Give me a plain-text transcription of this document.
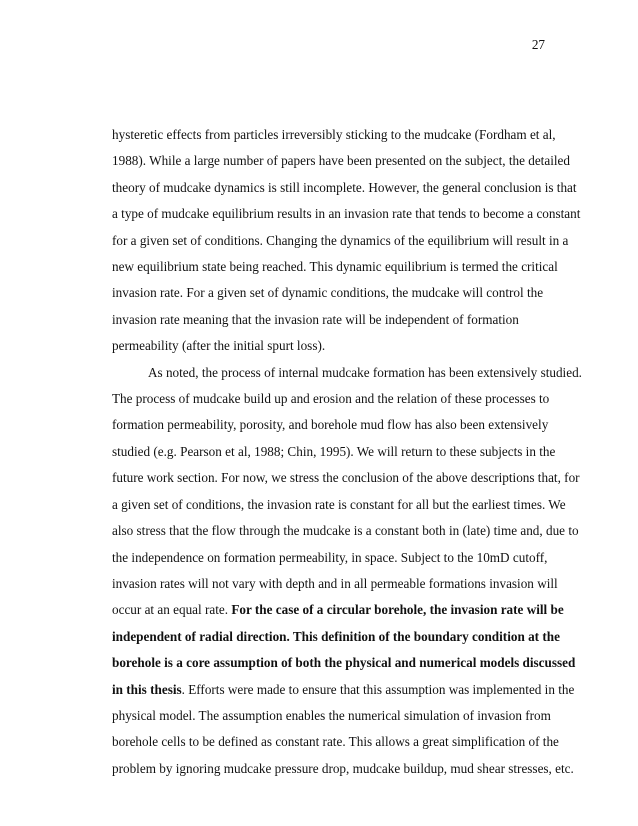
27
hysteretic effects from particles irreversibly sticking to the mudcake (Fordham et al,
1988). While a large number of papers have been presented on the subject, the detailed
theory of mudcake dynamics is still incomplete. However, the general conclusion is that
a type of mudcake equilibrium results in an invasion rate that tends to become a constant
for a given set of conditions. Changing the dynamics of the equilibrium will result in a
new equilibrium state being reached. This dynamic equilibrium is termed the critical
invasion rate. For a given set of dynamic conditions, the mudcake will control the
invasion rate meaning that the invasion rate will be independent of formation
permeability (after the initial spurt loss).
As noted, the process of internal mudcake formation has been extensively studied.
The process of mudcake build up and erosion and the relation of these processes to
formation permeability, porosity, and borehole mud flow has also been extensively
studied (e.g. Pearson et al, 1988; Chin, 1995). We will return to these subjects in the
future work section. For now, we stress the conclusion of the above descriptions that, for
a given set of conditions, the invasion rate is constant for all but the earliest times. We
also stress that the flow through the mudcake is a constant both in (late) time and, due to
the independence on formation permeability, in space. Subject to the 10mD cutoff,
invasion rates will not vary with depth and in all permeable formations invasion will
occur at an equal rate. For the case of a circular borehole, the invasion rate will be
independent of radial direction. This definition of the boundary condition at the
borehole is a core assumption of both the physical and numerical models discussed
in this thesis. Efforts were made to ensure that this assumption was implemented in the
physical model. The assumption enables the numerical simulation of invasion from
borehole cells to be defined as constant rate. This allows a great simplification of the
problem by ignoring mudcake pressure drop, mudcake buildup, mud shear stresses, etc.
